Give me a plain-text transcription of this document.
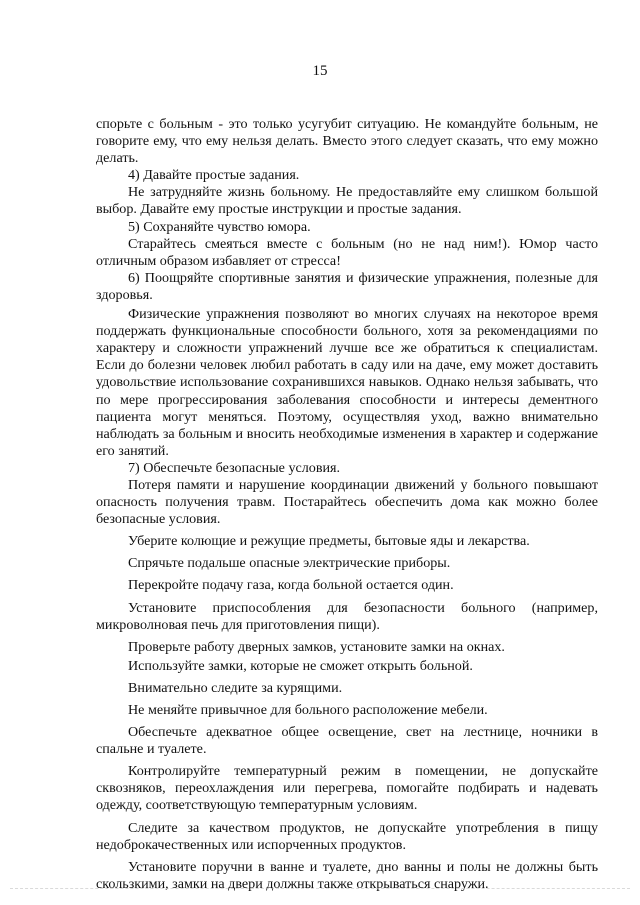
15

спорьте с больным - это только усугубит ситуацию. Не командуйте больным, не говорите ему, что ему нельзя делать. Вместо этого следует сказать, что ему можно делать.

4) Давайте простые задания.

Не затрудняйте жизнь больному. Не предоставляйте ему слишком большой выбор. Давайте ему простые инструкции и простые задания.

5) Сохраняйте чувство юмора.

Старайтесь смеяться вместе с больным (но не над ним!). Юмор часто отличным образом избавляет от стресса!

6) Поощряйте спортивные занятия и физические упражнения, полезные для здоровья.

Физические упражнения позволяют во многих случаях на некоторое время поддержать функциональные способности больного, хотя за рекомендациями по характеру и сложности упражнений лучше все же обратиться к специалистам. Если до болезни человек любил работать в саду или на даче, ему может доставить удовольствие использование сохранившихся навыков. Однако нельзя забывать, что по мере прогрессирования заболевания способности и интересы дементного пациента могут меняться. Поэтому, осуществляя уход, важно внимательно наблюдать за больным и вносить необходимые изменения в характер и содержание его занятий.

7) Обеспечьте безопасные условия.

Потеря памяти и нарушение координации движений у больного повышают опасность получения травм. Постарайтесь обеспечить дома как можно более безопасные условия.

Уберите колющие и режущие предметы, бытовые яды и лекарства.

Спрячьте подальше опасные электрические приборы.

Перекройте подачу газа, когда больной остается один.

Установите приспособления для безопасности больного (например, микроволновая печь для приготовления пищи).

Проверьте работу дверных замков, установите замки на окнах.

Используйте замки, которые не сможет открыть больной.

Внимательно следите за курящими.

Не меняйте привычное для больного расположение мебели.

Обеспечьте адекватное общее освещение, свет на лестнице, ночники в спальне и туалете.

Контролируйте температурный режим в помещении, не допускайте сквозняков, переохлаждения или перегрева, помогайте подбирать и надевать одежду, соответствующую температурным условиям.

Следите за качеством продуктов, не допускайте употребления в пищу недоброкачественных или испорченных продуктов.

Установите поручни в ванне и туалете, дно ванны и полы не должны быть скользкими, замки на двери должны также открываться снаружи.
